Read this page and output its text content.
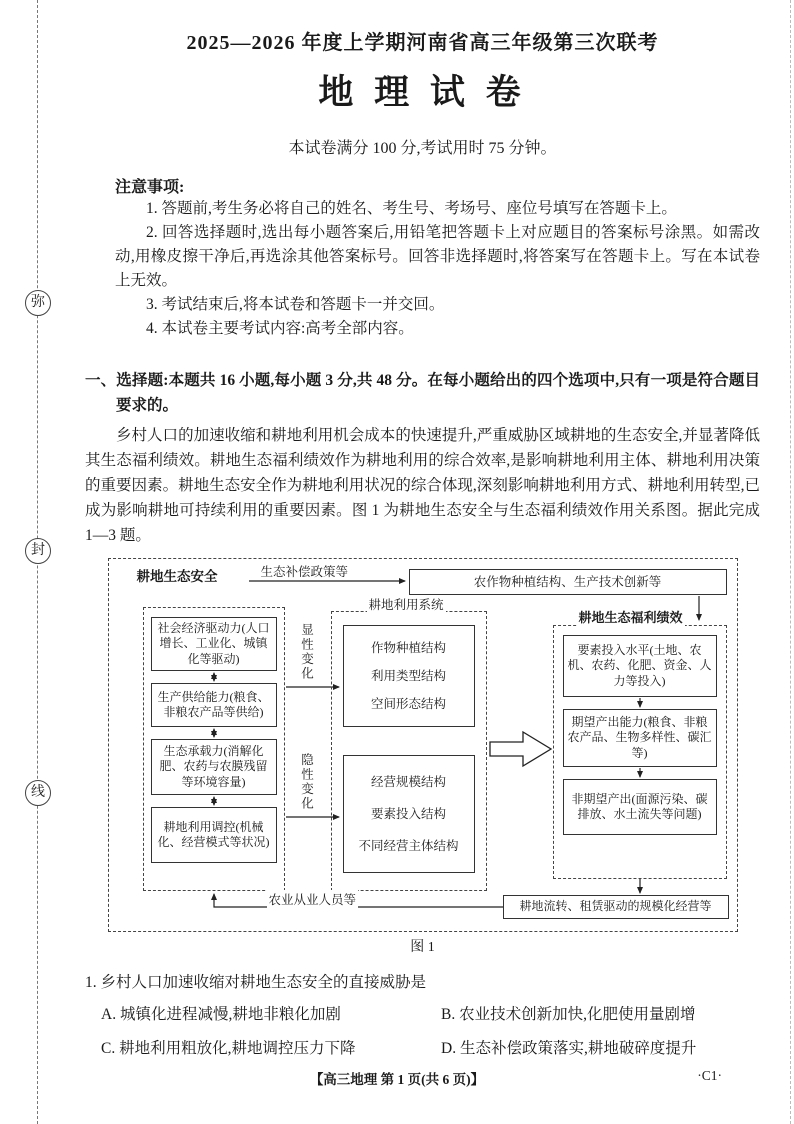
弥
封
线
2025—2026 年度上学期河南省高三年级第三次联考
地 理 试 卷
本试卷满分 100 分,考试用时 75 分钟。
注意事项:

1. 答题前,考生务必将自己的姓名、考生号、考场号、座位号填写在答题卡上。

2. 回答选择题时,选出每小题答案后,用铅笔把答题卡上对应题目的答案标号涂黑。如需改动,用橡皮擦干净后,再选涂其他答案标号。回答非选择题时,将答案写在答题卡上。写在本试卷上无效。

3. 考试结束后,将本试卷和答题卡一并交回。

4. 本试卷主要考试内容:高考全部内容。

一、选择题:本题共 16 小题,每小题 3 分,共 48 分。在每小题给出的四个选项中,只有一项是符合题目要求的。

乡村人口的加速收缩和耕地利用机会成本的快速提升,严重威胁区域耕地的生态安全,并显著降低其生态福利绩效。耕地生态福利绩效作为耕地利用的综合效率,是影响耕地利用主体、耕地利用决策的重要因素。耕地生态安全作为耕地利用状况的综合体现,深刻影响耕地利用方式、耕地利用转型,已成为影响耕地可持续利用的重要因素。图 1 为耕地生态安全与生态福利绩效作用关系图。据此完成 1—3 题。

耕地生态安全	生态补偿政策等
农作物种植结构、生产技术创新等
耕地利用系统
耕地生态福利绩效
社会经济驱动力(人口增长、工业化、城镇化等驱动)
生产供给能力(粮食、非粮农产品等供给)
生态承载力(消解化肥、农药与农膜残留等环境容量)
耕地利用调控(机械化、经营模式等状况)
显性变化
隐性变化
作物种植结构
利用类型结构
空间形态结构
经营规模结构
要素投入结构
不同经营主体结构
要素投入水平(土地、农机、农药、化肥、资金、人力等投入)
期望产出能力(粮食、非粮农产品、生物多样性、碳汇等)
非期望产出(面源污染、碳排放、水土流失等问题)
耕地流转、租赁驱动的规模化经营等
农业从业人员等
图 1

1. 乡村人口加速收缩对耕地生态安全的直接威胁是

A. 城镇化进程减慢,耕地非粮化加剧	B. 农业技术创新加快,化肥使用量剧增
C. 耕地利用粗放化,耕地调控压力下降	D. 生态补偿政策落实,耕地破碎度提升
【高三地理 第 1 页(共 6 页)】	·C1·
